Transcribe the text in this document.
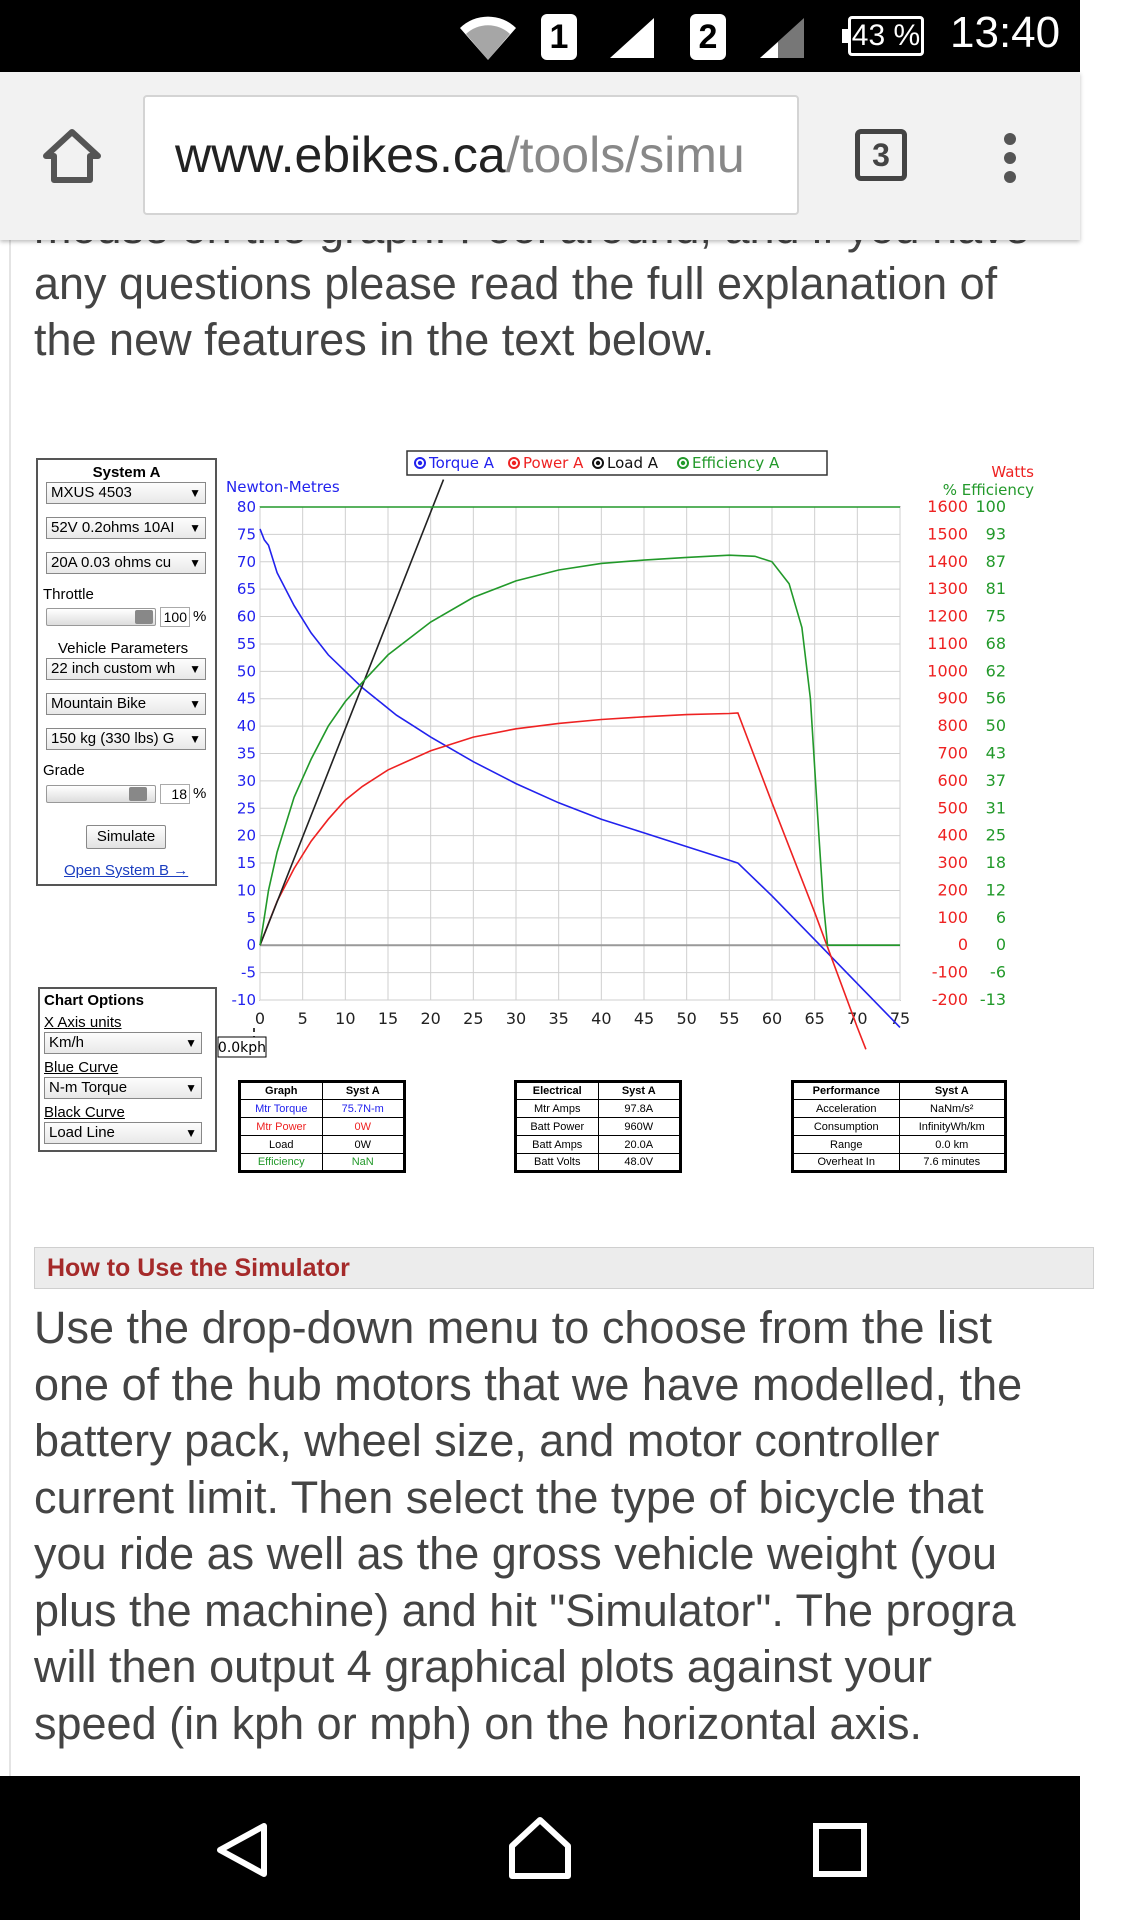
1	2	43 % 13:40
www.ebikes.ca/tools/simu	3
any questions please read the full explanation of
the new features in the text below.
System A
MXUS 4503	▼
52V 0.2ohms 10AI ▼
20A 0.03 ohms cu ▼
Throttle
100 %
Vehicle Parameters
22 inch custom wh ▼
Mountain Bike	▼
150 kg (330 lbs) G ▼
Grade
18 %
Simulate
Open System B →
0 5 10 15 20 25 30 35 40 45 50 55 60 65 70 75
80
75
70
65
60
55
50
45
40
35
30
25
20
15
10
5
0
-5
-10
1600
1500
1400
1300
1200
1100
1000
900
800
700
600
500
400
300
200
100
0
-100
-200
100
93
87
81
75
68
62
56
50
43
37
31
25
18
12
6
0
-6
-13
Newton-Metres
Watts
% Efficiency
Torque A Power A Load A Efficiency A
0.0kph
Chart Options
X Axis units
Km/h	▼
Blue Curve
N-m Torque	▼
Black Curve
Load Line	▼
Graph	Syst A
Mtr Torque	75.7N-m
Mtr Power	0W
Load	0W
Efficiency	NaN
Electrical	Syst A
Mtr Amps	97.8A
Batt Power	960W
Batt Amps	20.0A
Batt Volts	48.0V
Performance	Syst A
Acceleration	NaNm/s²
Consumption	InfinityWh/km
Range	0.0 km
Overheat In	7.6 minutes
How to Use the Simulator
Use the drop-down menu to choose from the list
one of the hub motors that we have modelled, the
battery pack, wheel size, and motor controller
current limit. Then select the type of bicycle that
you ride as well as the gross vehicle weight (you
plus the machine) and hit "Simulator". The progra
will then output 4 graphical plots against your
speed (in kph or mph) on the horizontal axis.
